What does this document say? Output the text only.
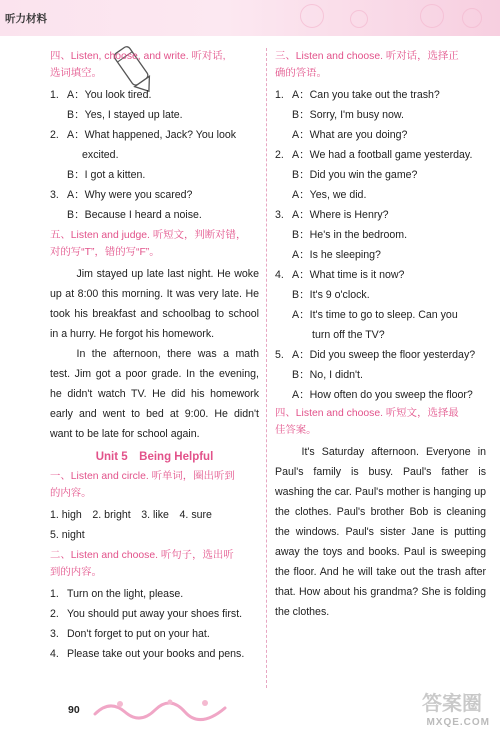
听力材料
四、Listen, choose, and write. 听对话,
选词填空。
1. A：You look tired.
B：Yes, I stayed up late.
2. A：What happened, Jack? You look
excited.
B：I got a kitten.
3. A：Why were you scared?
B：Because I heard a noise.
五、Listen and judge. 听短文，判断对错，
对的写“T”，错的写“F”。

Jim stayed up late last night. He woke up at 8:00 this morning. It was very late. He took his breakfast and schoolbag to school in a hurry. He forgot his homework.

In the afternoon, there was a math test. Jim got a poor grade. In the evening, he didn't watch TV. He did his homework early and went to bed at 9:00. He didn't want to be late for school again.

Unit 5　Being Helpful
一、Listen and circle. 听单词，圈出听到
的内容。
1. high　2. bright　3. like　4. sure
5. night
二、Listen and choose. 听句子，选出听
到的内容。
1. Turn on the light, please.
2. You should put away your shoes first.
3. Don't forget to put on your hat.
4. Please take out your books and pens.
三、Listen and choose. 听对话，选择正
确的答语。
1. A：Can you take out the trash?
B：Sorry, I'm busy now.
A：What are you doing?
2. A：We had a football game yesterday.
B：Did you win the game?
A：Yes, we did.
3. A：Where is Henry?
B：He's in the bedroom.
A：Is he sleeping?
4. A：What time is it now?
B：It's 9 o'clock.
A：It's time to go to sleep. Can you
turn off the TV?
5. A：Did you sweep the floor yesterday?
B：No, I didn't.
A：How often do you sweep the floor?
四、Listen and choose. 听短文，选择最
佳答案。

It's Saturday afternoon. Everyone in Paul's family is busy. Paul's father is washing the car. Paul's mother is hanging up the clothes. Paul's brother Bob is cleaning the windows. Paul's sister Jane is putting away the toys and books. Paul is sweeping the floor. And he will take out the trash after that. How about his grandma? She is folding the clothes.

90	答案圈
MXQE.COM
